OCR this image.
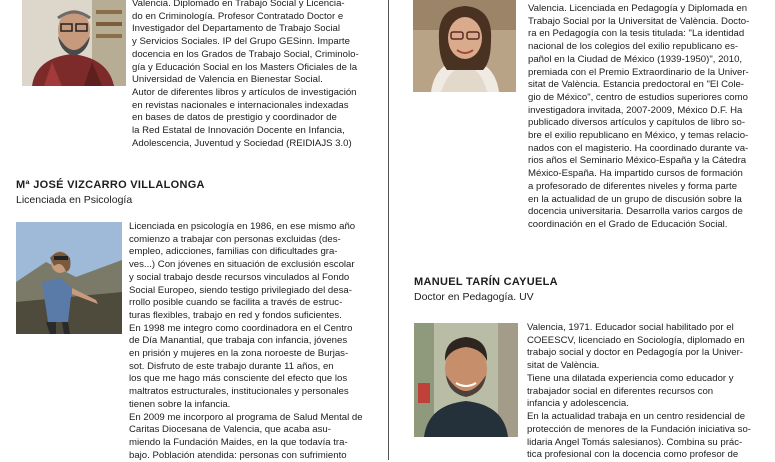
Valencia. Diplomado en Trabajo Social y Licencia-

do en Criminología. Profesor Contratado Doctor e

Investigador del Departamento de Trabajo Social

y Servicios Sociales. IP del Grupo GESinn. Imparte

docencia en los Grados de Trabajo Social, Criminolo-

gía y Educación Social en los Masters Oficiales de la

Universidad de Valencia en Bienestar Social.

Autor de diferentes libros y artículos de investigación

en revistas nacionales e internacionales indexadas

en bases de datos de prestigio y coordinador de

la Red Estatal de Innovación Docente en Infancia,

Adolescencia, Juventud y Sociedad (REIDIAJS 3.0)

Mª JOSÉ VIZCARRO VILLALONGA
Licenciada en Psicología

Licenciada en psicología en 1986, en ese mismo año

comienzo a trabajar con personas excluidas (des-

empleo, adicciones, familias con dificultades gra-

ves...) Con jóvenes en situación de exclusión escolar

y social trabajo desde recursos vinculados al Fondo

Social Europeo, siendo testigo privilegiado del desa-

rrollo posible cuando se facilita a través de estruc-

turas flexibles, trabajo en red y fondos suficientes.

En 1998 me integro como coordinadora en el Centro

de Día Manantial, que trabaja con infancia, jóvenes

en prisión y mujeres en la zona noroeste de Burjas-

sot. Disfruto de este trabajo durante 11 años, en

los que me hago más consciente del efecto que los

maltratos estructurales, institucionales y personales

tienen sobre la infancia.

En 2009 me incorporo al programa de Salud Mental de

Caritas Diocesana de Valencia, que acaba asu-

miendo la Fundación Maides, en la que todavía tra-

bajo. Población atendida: personas con sufrimiento

Valencia. Licenciada en Pedagogía y Diplomada en

Trabajo Social por la Universitat de València. Docto-

ra en Pedagogía con la tesis titulada: "La identidad

nacional de los colegios del exilio republicano es-

pañol en la Ciudad de México (1939-1950)", 2010,

premiada con el Premio Extraordinario de la Univer-

sitat de València. Estancia predoctoral en "El Cole-

gio de México", centro de estudios superiores como

investigadora invitada, 2007-2009, México D.F. Ha

publicado diversos artículos y capítulos de libro so-

bre el exilio republicano en México, y temas relacio-

nados con el magisterio. Ha coordinado durante va-

rios años el Seminario México-España y la Cátedra

México-España. Ha impartido cursos de formación

a profesorado de diferentes niveles y forma parte

en la actualidad de un grupo de discusión sobre la

docencia universitaria. Desarrolla varios cargos de

coordinación en el Grado de Educación Social.

MANUEL TARÍN CAYUELA
Doctor en Pedagogía. UV

Valencia, 1971. Educador social habilitado por el

COEESCV, licenciado en Sociología, diplomado en

trabajo social y doctor en Pedagogía por la Univer-

sitat de València.

Tiene una dilatada experiencia como educador y

trabajador social en diferentes recursos con

infancia y adolescencia.

En la actualidad trabaja en un centro residencial de

protección de menores de la Fundación iniciativa so-

lidaria Angel Tomás salesianos). Combina su prác-

tica profesional con la docencia como profesor de
